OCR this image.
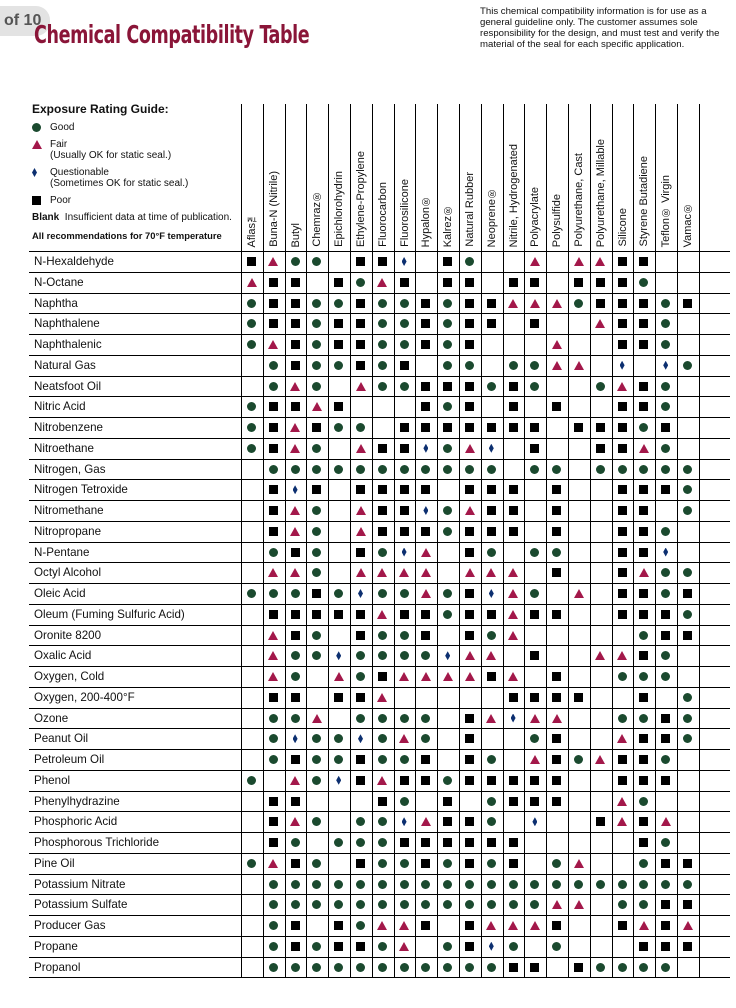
of 10
Chemical Compatibility Table
This chemical compatibility information is for use as a general guideline only. The customer assumes sole responsibility for the design, and must test and verify the material of the seal for each specific application.
Exposure Rating Guide:
Good
Fair
(Usually OK for static seal.)
Questionable
(Sometimes OK for static seal.)
Poor
Blank Insufficient data at time of publication.
All recommendations for 70°F temperature	Aflas™ Buna-N (Nitrile) Butyl Chemraz® Epichlorohydrin Ethylene-Propylene Fluorocarbon Fluorosilicone Hypalon® Kalrez® Natural Rubber Neoprene® Nitrile, Hydrogenated Polyacrylate Polysulfide Polyurethane, Cast Polyurethane, Millable Silicone Styrene Butadiene Teflon® Virgin Vamac®
N-Hexaldehyde
N-Octane
Naphtha
Naphthalene
Naphthalenic
Natural Gas
Neatsfoot Oil
Nitric Acid
Nitrobenzene
Nitroethane
Nitrogen, Gas
Nitrogen Tetroxide
Nitromethane
Nitropropane
N-Pentane
Octyl Alcohol
Oleic Acid
Oleum (Fuming Sulfuric Acid)
Oronite 8200
Oxalic Acid
Oxygen, Cold
Oxygen, 200-400°F
Ozone
Peanut Oil
Petroleum Oil
Phenol
Phenylhydrazine
Phosphoric Acid
Phosphorous Trichloride
Pine Oil
Potassium Nitrate
Potassium Sulfate
Producer Gas
Propane
Propanol
